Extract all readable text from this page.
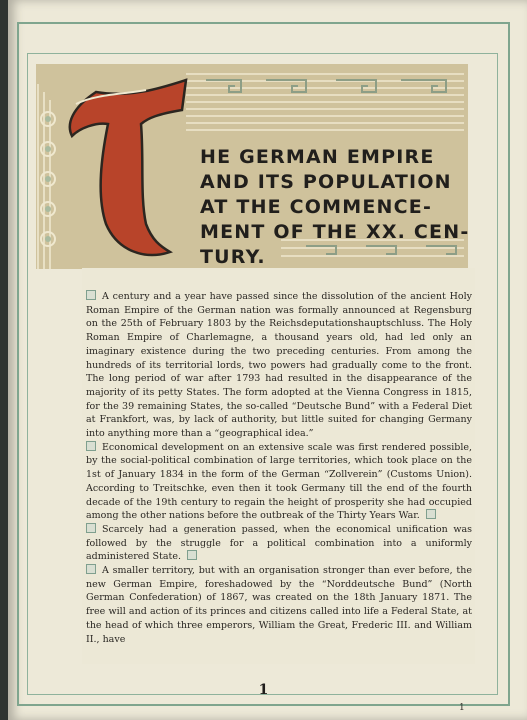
HE GERMAN EMPIRE
AND ITS POPULATION
AT THE COMMENCE-
MENT OF THE XX. CEN-
TURY.

A century and a year have passed since the dissolution of the ancient Holy Roman Empire of the German nation was formally announced at Regensburg on the 25th of February 1803 by the Reichsdeputationshauptschluss. The Holy Roman Empire of Charlemagne, a thousand years old, had led only an imaginary existence during the two preceding centuries. From among the hundreds of its territorial lords, two powers had gradually come to the front. The long period of war after 1793 had resulted in the disappearance of the majority of its petty States. The form adopted at the Vienna Congress in 1815, for the 39 remaining States, the so-called “Deutsche Bund” with a Federal Diet at Frankfort, was, by lack of authority, but little suited for changing Germany into anything more than a “geographical idea.”

Economical development on an extensive scale was first rendered possible, by the social-political combination of large territories, which took place on the 1st of January 1834 in the form of the German “Zollverein” (Customs Union). According to Treitschke, even then it took Germany till the end of the fourth decade of the 19th century to regain the height of prosperity she had occupied among the other nations before the outbreak of the Thirty Years War.

Scarcely had a generation passed, when the economical unification was followed by the struggle for a political combination into a uniformly administered State.

A smaller territory, but with an organisation stronger than ever before, the new German Empire, foreshadowed by the “Norddeutsche Bund” (North German Confederation) of 1867, was created on the 18th January 1871. The free will and action of its princes and citizens called into life a Federal State, at the head of which three emperors, William the Great, Frederic III. and William II., have

1
1
